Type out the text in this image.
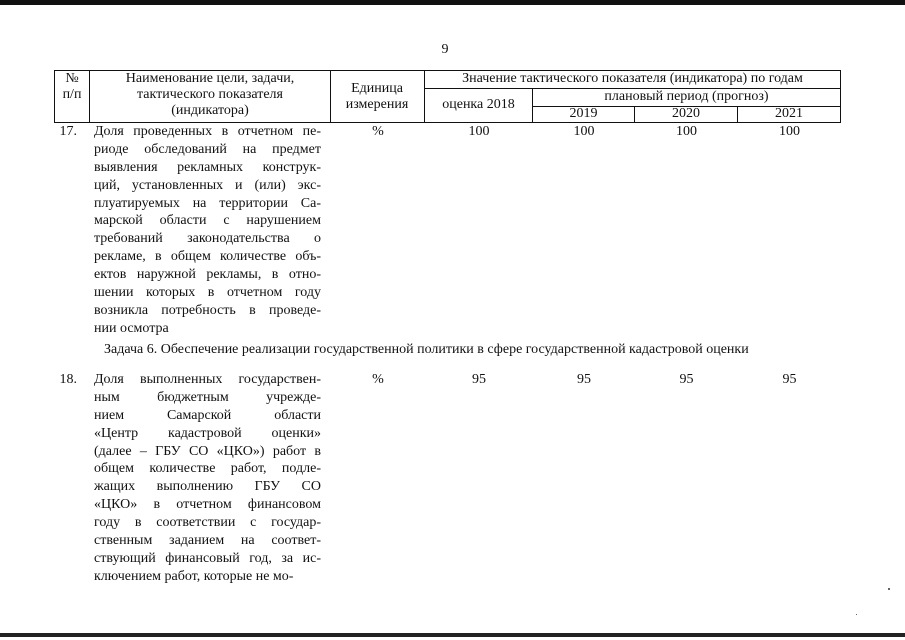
9
№
п/п
Наименование цели, задачи, тактического показателя (индикатора)
Единица измерения
Значение тактического показателя (индикатора) по годам
оценка 2018
плановый период (прогноз)
2019	2020	2021
17. Доля проведенных в отчетном пе-
риоде обследований на предмет
выявления рекламных конструк-
ций, установленных и (или) экс-
плуатируемых на территории Са-
марской области с нарушением
требований законодательства о
рекламе, в общем количестве объ-
ектов наружной рекламы, в отно-
шении которых в отчетном году
возникла потребность в проведе-
нии осмотра
%	100	100	100	100
Задача 6. Обеспечение реализации государственной политики в сфере государственной кадастровой оценки
18. Доля выполненных государствен-
ным бюджетным учрежде-
нием Самарской области
«Центр кадастровой оценки»
(далее – ГБУ СО «ЦКО») работ в
общем количестве работ, подле-
жащих выполнению ГБУ СО
«ЦКО» в отчетном финансовом
году в соответствии с государ-
ственным заданием на соответ-
ствующий финансовый год, за ис-
ключением работ, которые не мо-
%	95	95	95	95
